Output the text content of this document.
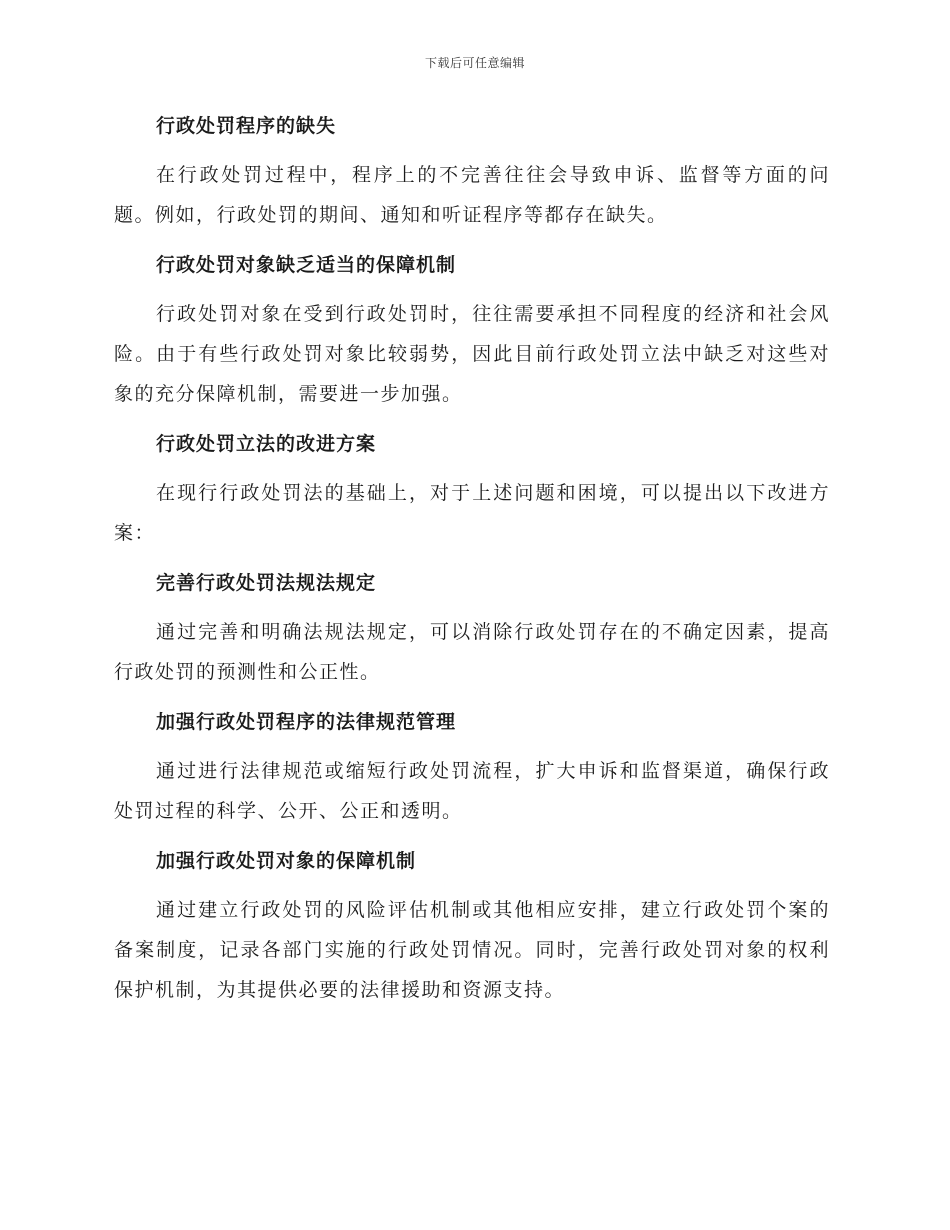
下载后可任意编辑
行政处罚程序的缺失

在行政处罚过程中，程序上的不完善往往会导致申诉、监督等方面的问题。例如，行政处罚的期间、通知和听证程序等都存在缺失。

行政处罚对象缺乏适当的保障机制

行政处罚对象在受到行政处罚时，往往需要承担不同程度的经济和社会风险。由于有些行政处罚对象比较弱势，因此目前行政处罚立法中缺乏对这些对象的充分保障机制，需要进一步加强。

行政处罚立法的改进方案

在现行行政处罚法的基础上，对于上述问题和困境，可以提出以下改进方案：

完善行政处罚法规法规定

通过完善和明确法规法规定，可以消除行政处罚存在的不确定因素，提高行政处罚的预测性和公正性。

加强行政处罚程序的法律规范管理

通过进行法律规范或缩短行政处罚流程，扩大申诉和监督渠道，确保行政处罚过程的科学、公开、公正和透明。

加强行政处罚对象的保障机制

通过建立行政处罚的风险评估机制或其他相应安排，建立行政处罚个案的备案制度，记录各部门实施的行政处罚情况。同时，完善行政处罚对象的权利保护机制，为其提供必要的法律援助和资源支持。
